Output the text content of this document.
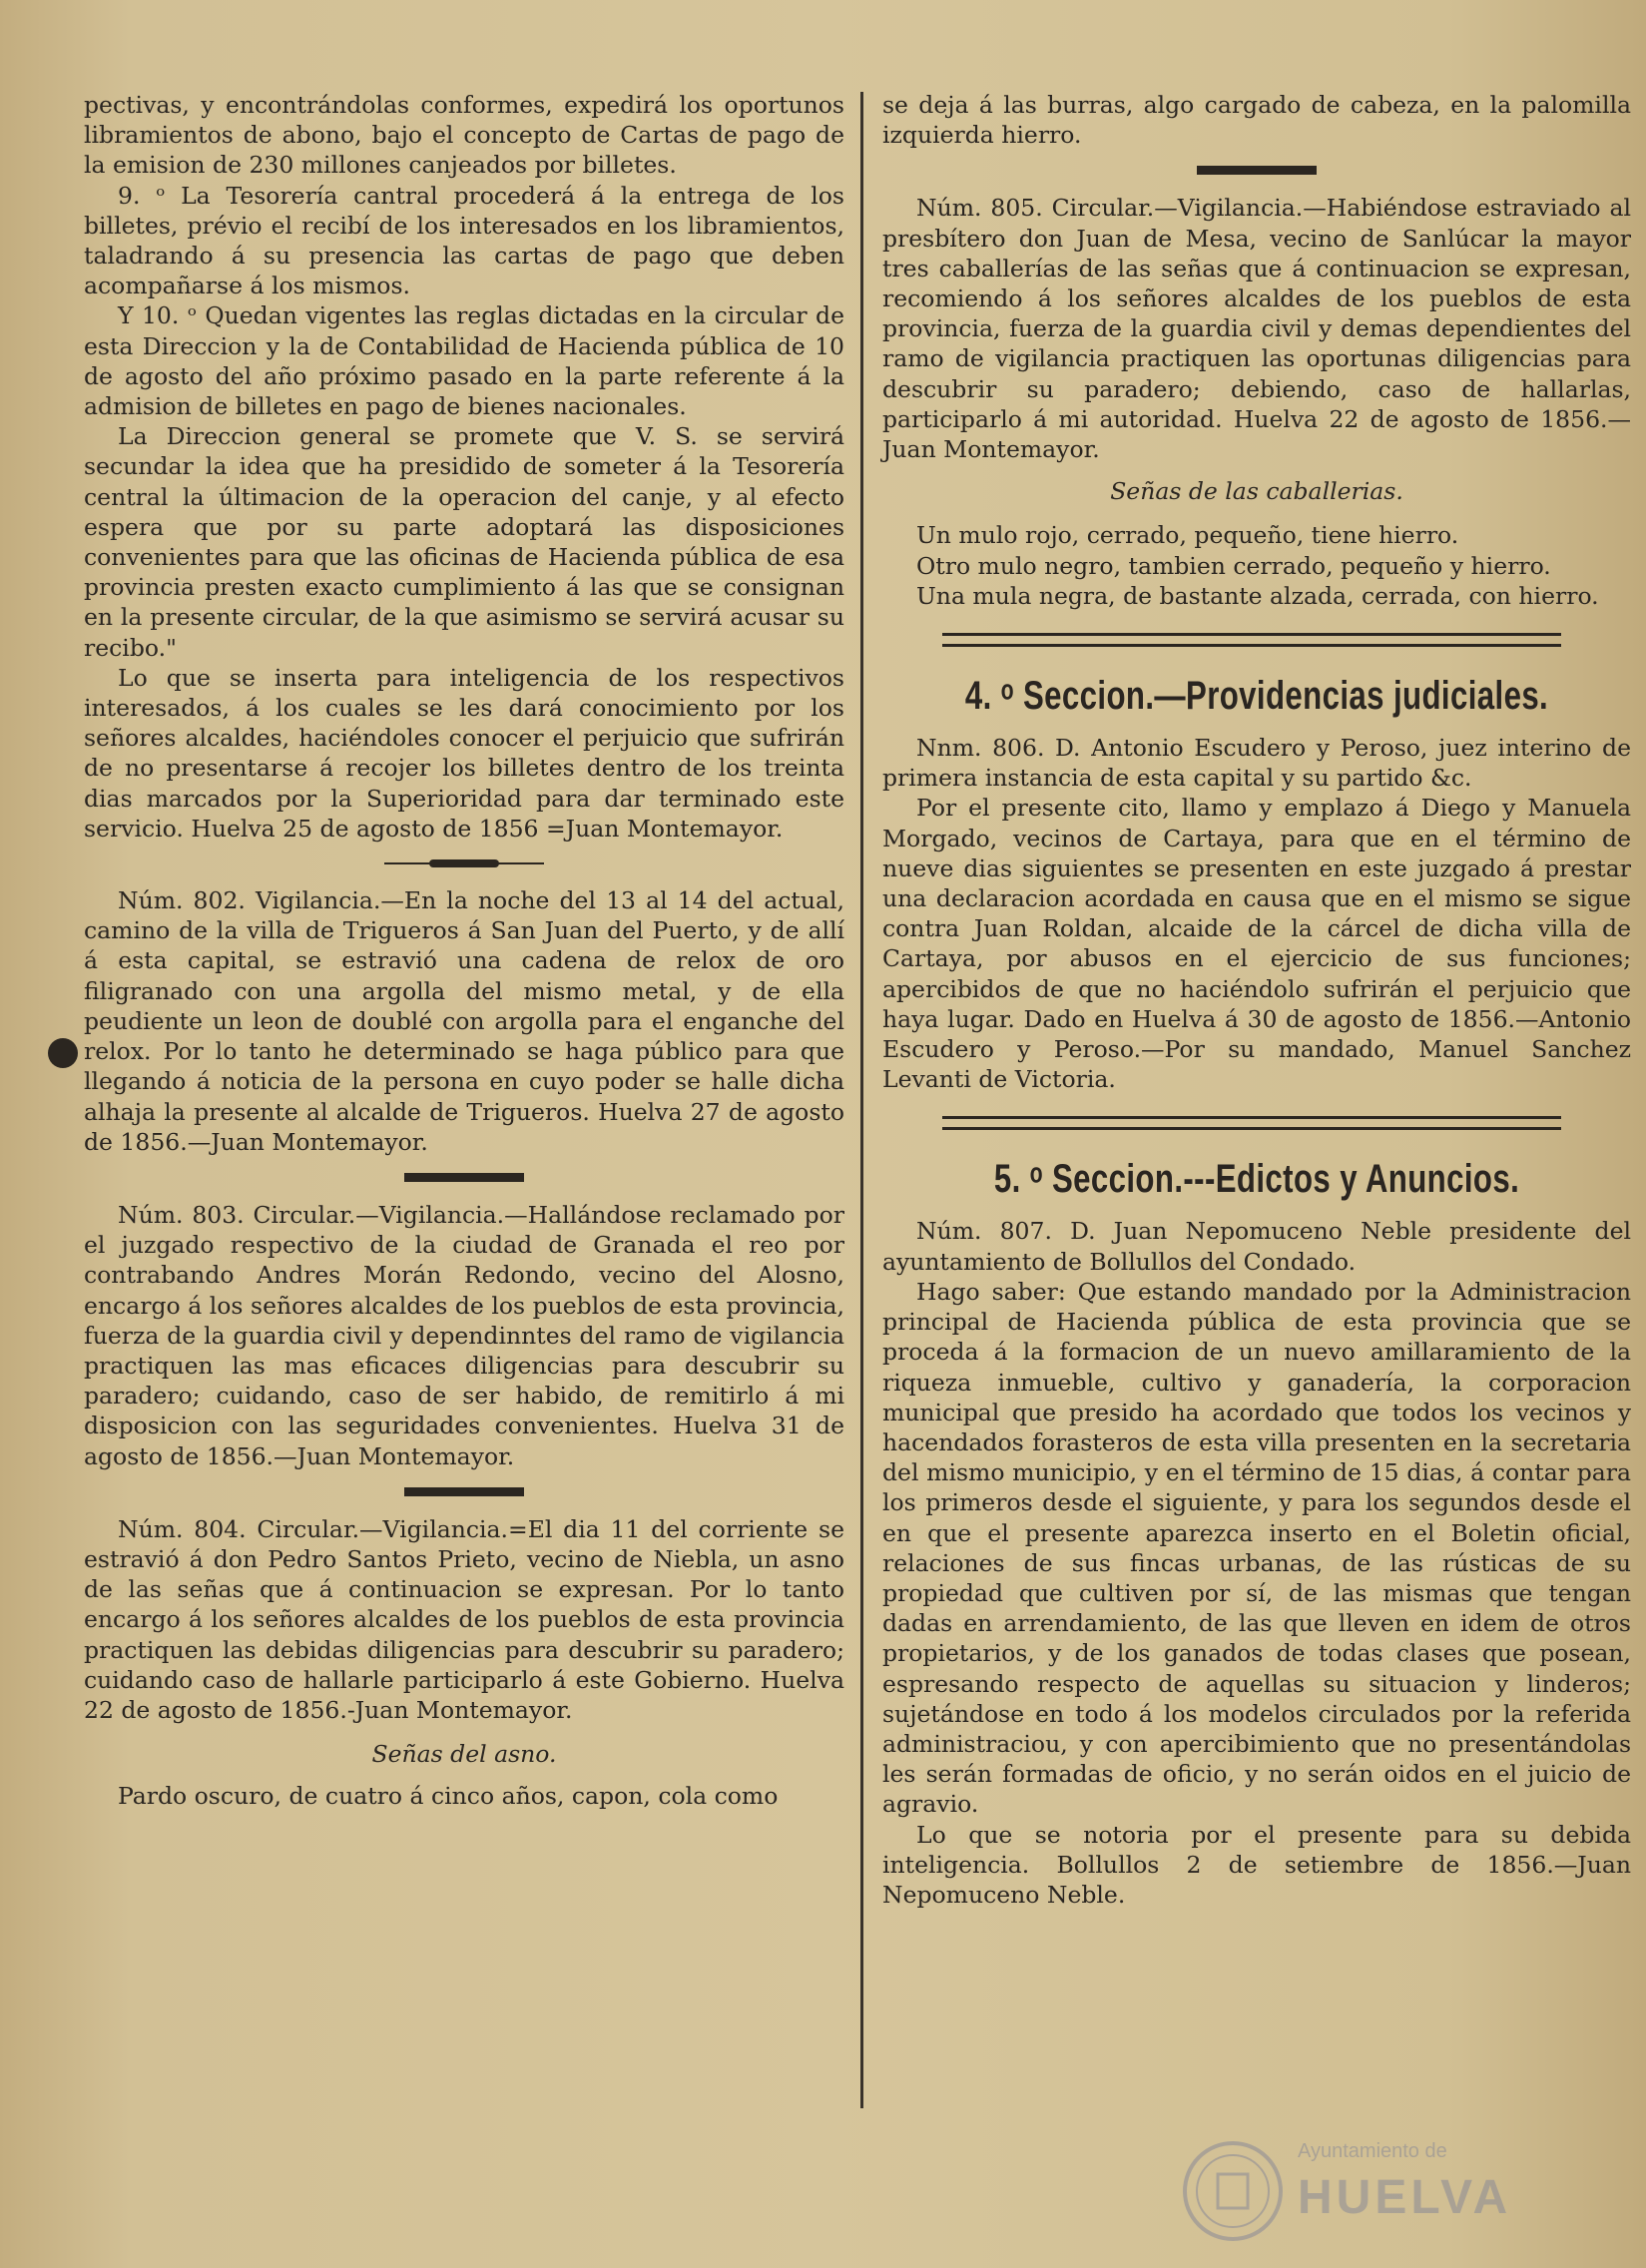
pectivas, y encontrándolas conformes, expedirá los oportunos libramientos de abono, bajo el concepto de Cartas de pago de la emision de 230 millones canjeados por billetes.

9. ᵒ La Tesorería cantral procederá á la entrega de los billetes, prévio el recibí de los interesados en los libramientos, taladrando á su presencia las cartas de pago que deben acompañarse á los mismos.

Y 10. ᵒ Quedan vigentes las reglas dictadas en la circular de esta Direccion y la de Contabilidad de Hacienda pública de 10 de agosto del año próximo pasado en la parte referente á la admision de billetes en pago de bienes nacionales.

La Direccion general se promete que V. S. se servirá secundar la idea que ha presidido de someter á la Tesorería central la últimacion de la operacion del canje, y al efecto espera que por su parte adoptará las disposiciones convenientes para que las oficinas de Hacienda pública de esa provincia presten exacto cumplimiento á las que se consignan en la presente circular, de la que asimismo se servirá acusar su recibo."

Lo que se inserta para inteligencia de los respectivos interesados, á los cuales se les dará conocimiento por los señores alcaldes, haciéndoles conocer el perjuicio que sufrirán de no presentarse á recojer los billetes dentro de los treinta dias marcados por la Superioridad para dar terminado este servicio. Huelva 25 de agosto de 1856 =Juan Montemayor.

Núm. 802. Vigilancia.—En la noche del 13 al 14 del actual, camino de la villa de Trigueros á San Juan del Puerto, y de allí á esta capital, se estravió una cadena de relox de oro filigranado con una argolla del mismo metal, y de ella peudiente un leon de doublé con argolla para el enganche del relox. Por lo tanto he determinado se haga público para que llegando á noticia de la persona en cuyo poder se halle dicha alhaja la presente al alcalde de Trigueros. Huelva 27 de agosto de 1856.—Juan Montemayor.

Núm. 803. Circular.—Vigilancia.—Hallándose reclamado por el juzgado respectivo de la ciudad de Granada el reo por contrabando Andres Morán Redondo, vecino del Alosno, encargo á los señores alcaldes de los pueblos de esta provincia, fuerza de la guardia civil y dependinntes del ramo de vigilancia practiquen las mas eficaces diligencias para descubrir su paradero; cuidando, caso de ser habido, de remitirlo á mi disposicion con las seguridades convenientes. Huelva 31 de agosto de 1856.—Juan Montemayor.

Núm. 804. Circular.—Vigilancia.=El dia 11 del corriente se estravió á don Pedro Santos Prieto, vecino de Niebla, un asno de las señas que á continuacion se expresan. Por lo tanto encargo á los señores alcaldes de los pueblos de esta provincia practiquen las debidas diligencias para descubrir su paradero; cuidando caso de hallarle participarlo á este Gobierno. Huelva 22 de agosto de 1856.-Juan Montemayor.

Señas del asno.

Pardo oscuro, de cuatro á cinco años, capon, cola como

se deja á las burras, algo cargado de cabeza, en la palomilla izquierda hierro.

Núm. 805. Circular.—Vigilancia.—Habiéndose estraviado al presbítero don Juan de Mesa, vecino de Sanlúcar la mayor tres caballerías de las señas que á continuacion se expresan, recomiendo á los señores alcaldes de los pueblos de esta provincia, fuerza de la guardia civil y demas dependientes del ramo de vigilancia practiquen las oportunas diligencias para descubrir su paradero; debiendo, caso de hallarlas, participarlo á mi autoridad. Huelva 22 de agosto de 1856.—Juan Montemayor.

Señas de las caballerias.

Un mulo rojo, cerrado, pequeño, tiene hierro.

Otro mulo negro, tambien cerrado, pequeño y hierro.

Una mula negra, de bastante alzada, cerrada, con hierro.

4. ᵒ Seccion.—Providencias judiciales.

Nnm. 806. D. Antonio Escudero y Peroso, juez interino de primera instancia de esta capital y su partido &c.

Por el presente cito, llamo y emplazo á Diego y Manuela Morgado, vecinos de Cartaya, para que en el término de nueve dias siguientes se presenten en este juzgado á prestar una declaracion acordada en causa que en el mismo se sigue contra Juan Roldan, alcaide de la cárcel de dicha villa de Cartaya, por abusos en el ejercicio de sus funciones; apercibidos de que no haciéndolo sufrirán el perjuicio que haya lugar. Dado en Huelva á 30 de agosto de 1856.—Antonio Escudero y Peroso.—Por su mandado, Manuel Sanchez Levanti de Victoria.

5. ᵒ Seccion.---Edictos y Anuncios.

Núm. 807. D. Juan Nepomuceno Neble presidente del ayuntamiento de Bollullos del Condado.

Hago saber: Que estando mandado por la Administracion principal de Hacienda pública de esta provincia que se proceda á la formacion de un nuevo amillaramiento de la riqueza inmueble, cultivo y ganadería, la corporacion municipal que presido ha acordado que todos los vecinos y hacendados forasteros de esta villa presenten en la secretaria del mismo municipio, y en el término de 15 dias, á contar para los primeros desde el siguiente, y para los segundos desde el en que el presente aparezca inserto en el Boletin oficial, relaciones de sus fincas urbanas, de las rústicas de su propiedad que cultiven por sí, de las mismas que tengan dadas en arrendamiento, de las que lleven en idem de otros propietarios, y de los ganados de todas clases que posean, espresando respecto de aquellas su situacion y linderos; sujetándose en todo á los modelos circulados por la referida administraciou, y con apercibimiento que no presentándolas les serán formadas de oficio, y no serán oidos en el juicio de agravio.

Lo que se notoria por el presente para su debida inteligencia. Bollullos 2 de setiembre de 1856.—Juan Nepomuceno Neble.

Ayuntamiento de
HUELVA
